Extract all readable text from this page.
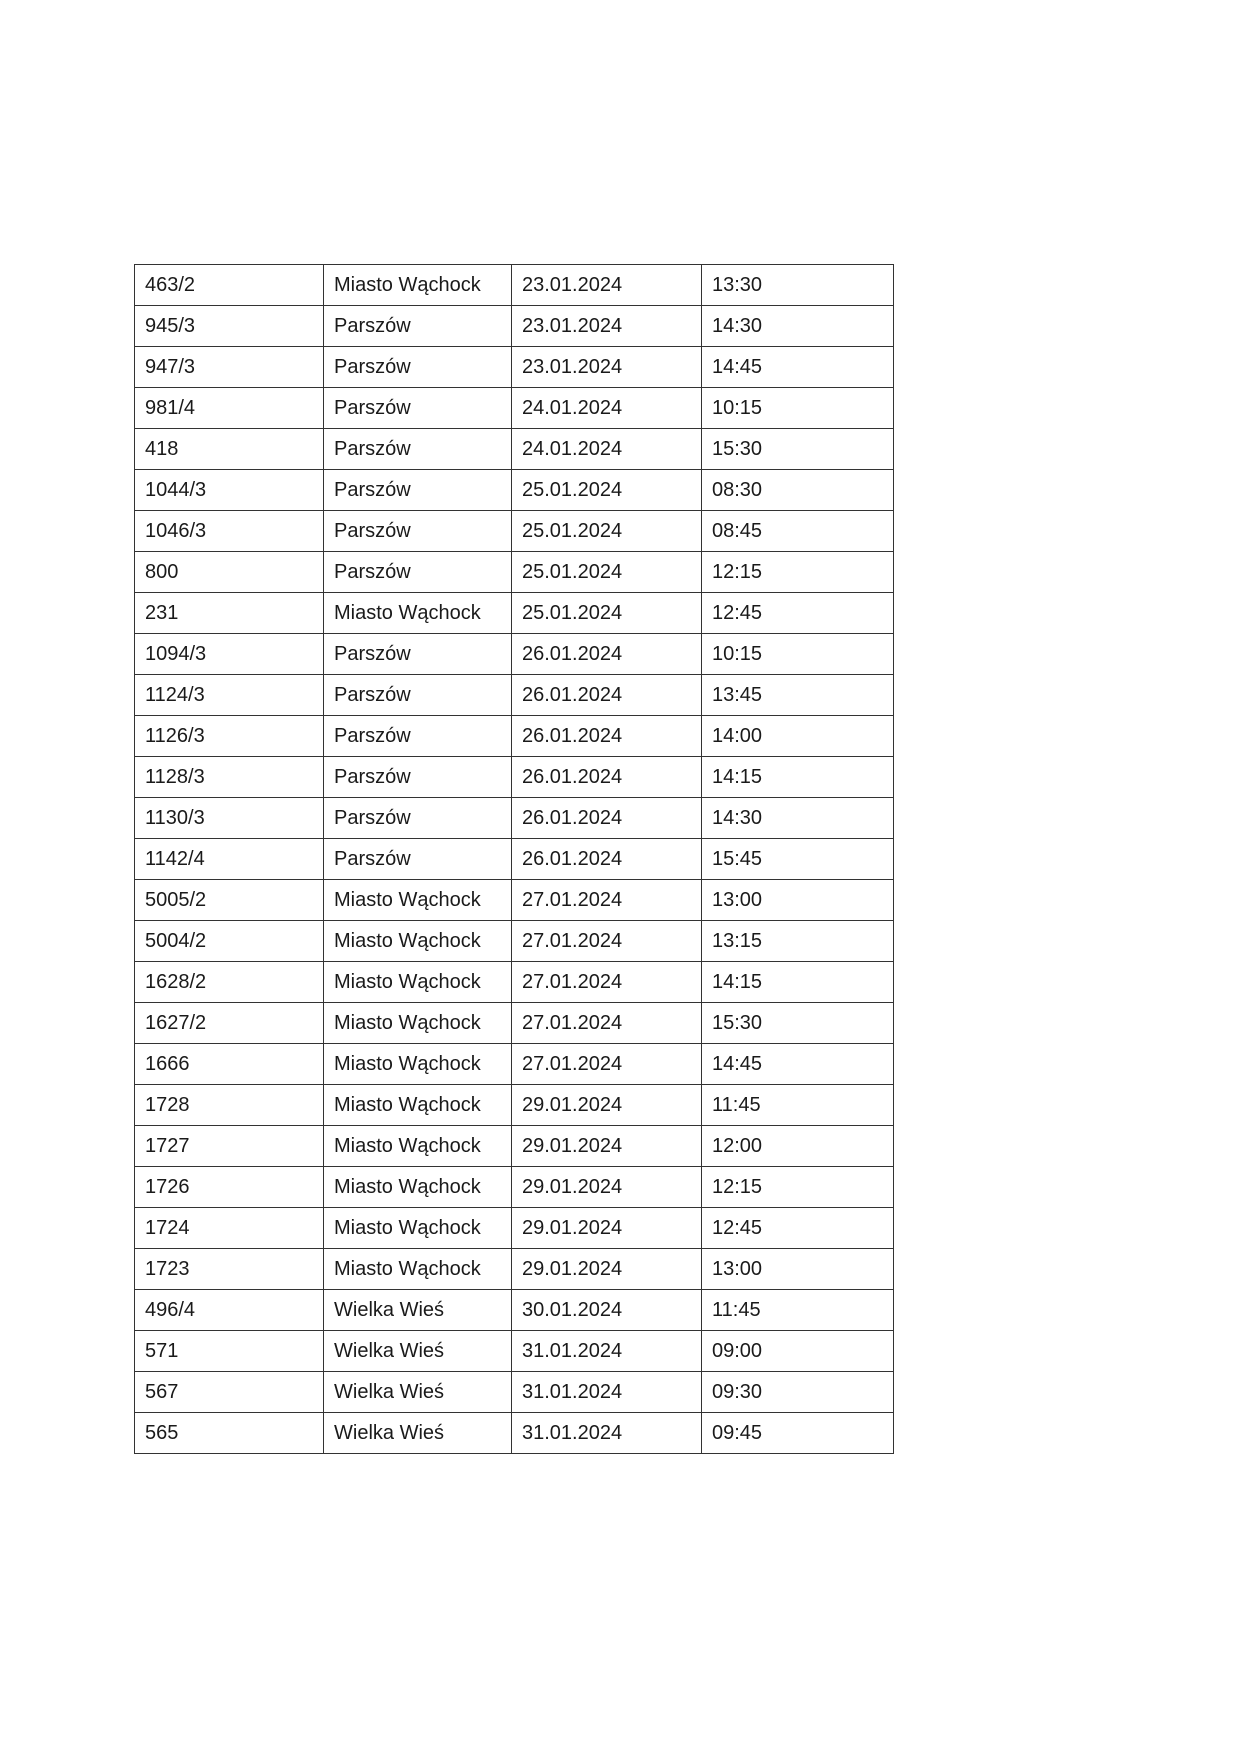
463/2	Miasto Wąchock	23.01.2024	13:30
945/3	Parszów	23.01.2024	14:30
947/3	Parszów	23.01.2024	14:45
981/4	Parszów	24.01.2024	10:15
418	Parszów	24.01.2024	15:30
1044/3	Parszów	25.01.2024	08:30
1046/3	Parszów	25.01.2024	08:45
800	Parszów	25.01.2024	12:15
231	Miasto Wąchock	25.01.2024	12:45
1094/3	Parszów	26.01.2024	10:15
1124/3	Parszów	26.01.2024	13:45
1126/3	Parszów	26.01.2024	14:00
1128/3	Parszów	26.01.2024	14:15
1130/3	Parszów	26.01.2024	14:30
1142/4	Parszów	26.01.2024	15:45
5005/2	Miasto Wąchock	27.01.2024	13:00
5004/2	Miasto Wąchock	27.01.2024	13:15
1628/2	Miasto Wąchock	27.01.2024	14:15
1627/2	Miasto Wąchock	27.01.2024	15:30
1666	Miasto Wąchock	27.01.2024	14:45
1728	Miasto Wąchock	29.01.2024	11:45
1727	Miasto Wąchock	29.01.2024	12:00
1726	Miasto Wąchock	29.01.2024	12:15
1724	Miasto Wąchock	29.01.2024	12:45
1723	Miasto Wąchock	29.01.2024	13:00
496/4	Wielka Wieś	30.01.2024	11:45
571	Wielka Wieś	31.01.2024	09:00
567	Wielka Wieś	31.01.2024	09:30
565	Wielka Wieś	31.01.2024	09:45
